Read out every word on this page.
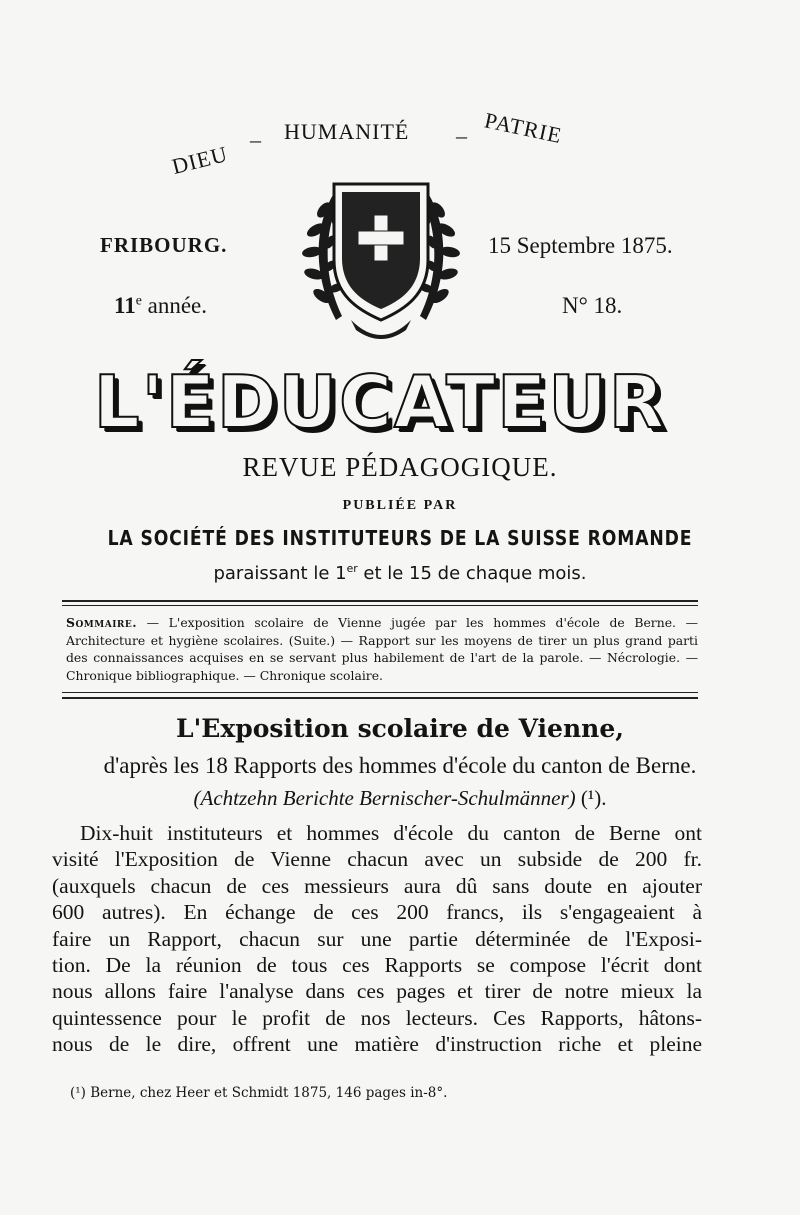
DIEU
– HUMANITÉ – PATRIE
FRIBOURG.	15 Septembre 1875.
11e année.	N° 18.
L'ÉDUCATEUR
REVUE PÉDAGOGIQUE.
PUBLIÉE PAR
LA SOCIÉTÉ DES INSTITUTEURS DE LA SUISSE ROMANDE
paraissant le 1er et le 15 de chaque mois.
Sommaire. — L'exposition scolaire de Vienne jugée par les hommes d'école de Berne. — Architecture et hygiène scolaires. (Suite.) — Rapport sur les moyens de tirer un plus grand parti des connaissances acquises en se servant plus habilement de l'art de la parole. — Nécrologie. — Chronique bibliographique. — Chronique scolaire.
L'Exposition scolaire de Vienne,
d'après les 18 Rapports des hommes d'école du canton de Berne.
(Achtzehn Berichte Bernischer-Schulmänner) (¹).
Dix-huit instituteurs et hommes d'école du canton de Berne ont
visité l'Exposition de Vienne chacun avec un subside de 200 fr.
(auxquels chacun de ces messieurs aura dû sans doute en ajouter
600 autres). En échange de ces 200 francs, ils s'engageaient à
faire un Rapport, chacun sur une partie déterminée de l'Exposi-
tion. De la réunion de tous ces Rapports se compose l'écrit dont
nous allons faire l'analyse dans ces pages et tirer de notre mieux la
quintessence pour le profit de nos lecteurs. Ces Rapports, hâtons-
nous de le dire, offrent une matière d'instruction riche et pleine
(¹) Berne, chez Heer et Schmidt 1875, 146 pages in-8°.
